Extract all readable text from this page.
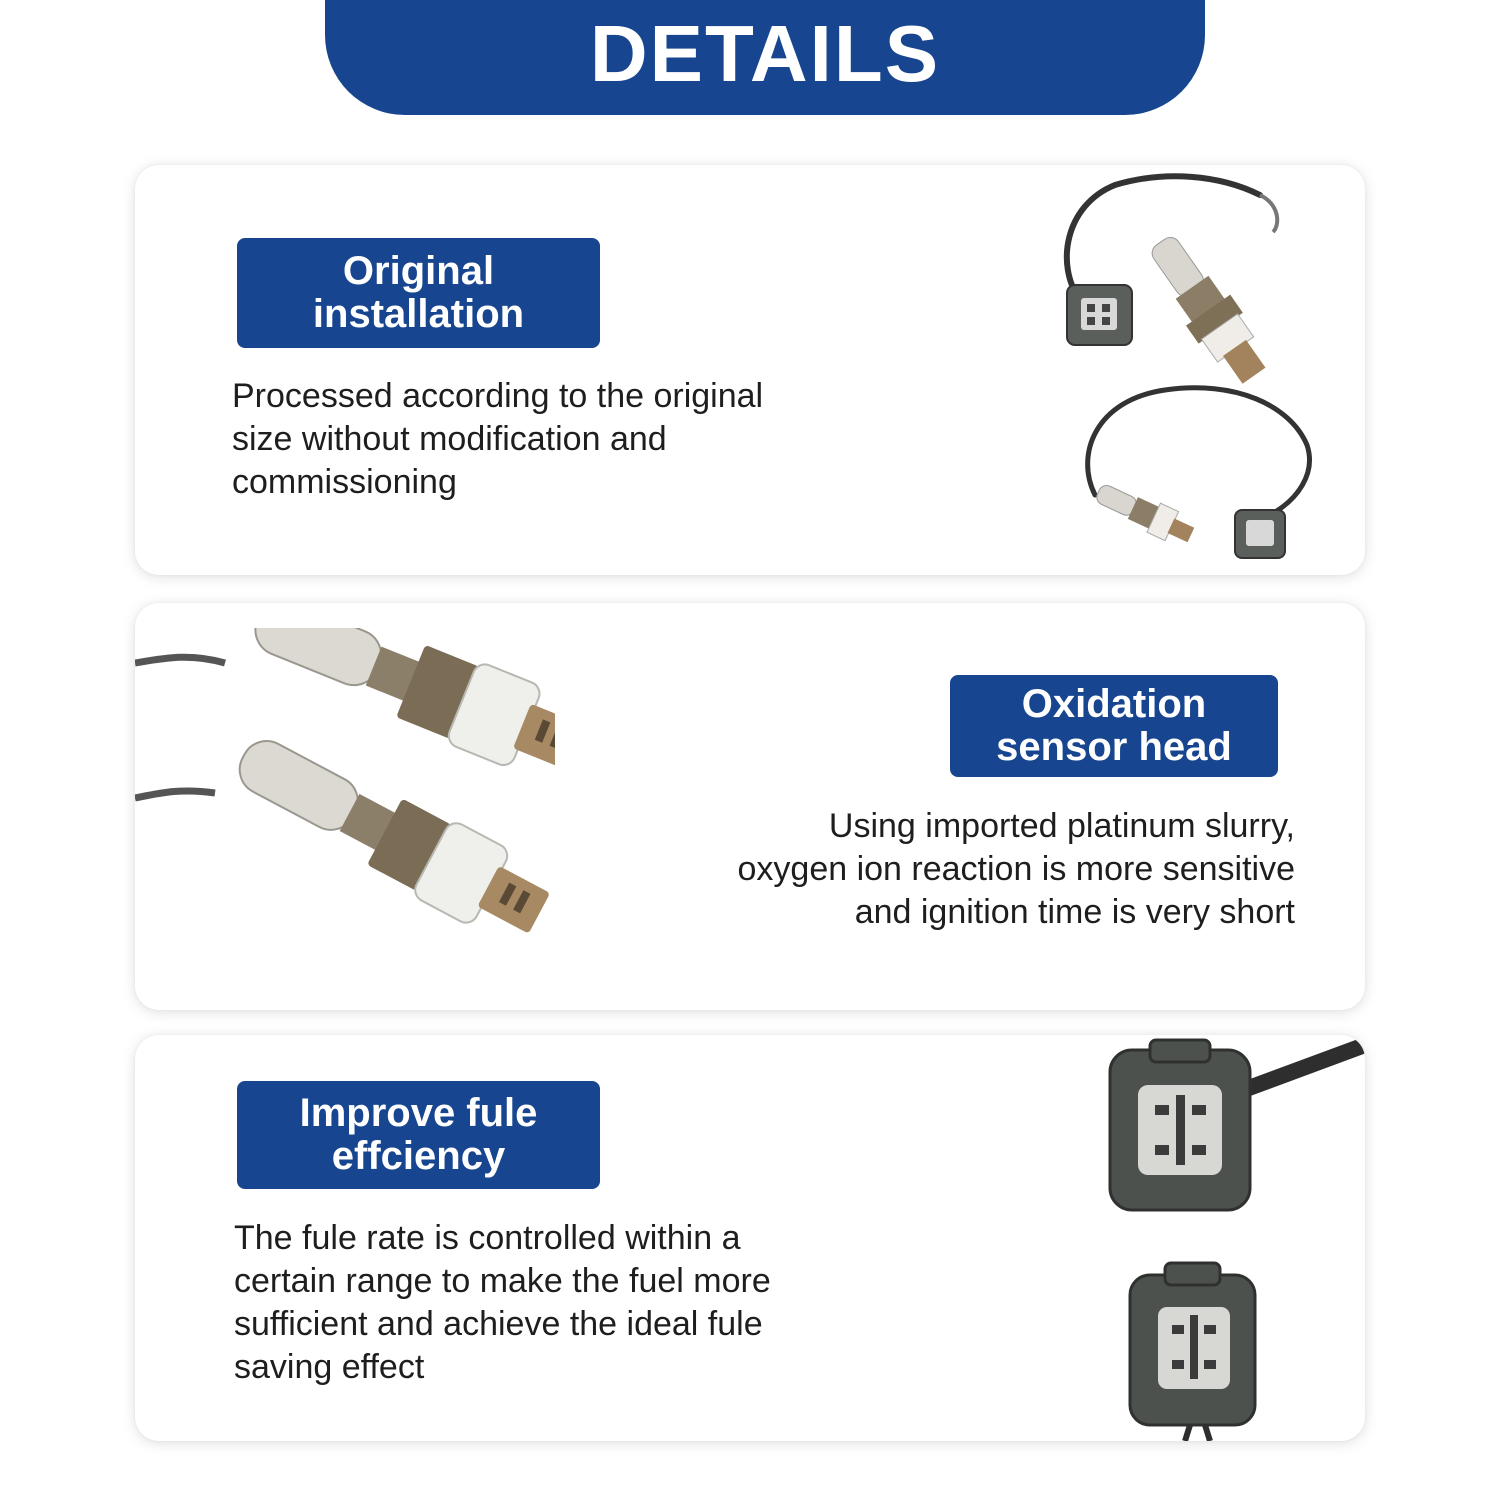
DETAILS
Original installation
Processed according to the original size without modification and commissioning
Oxidation sensor head
Using imported platinum slurry, oxygen ion reaction is more sensitive and ignition time is very short
Improve fule effciency
The fule rate is controlled within a certain range to make the fuel more sufficient and achieve the ideal fule saving effect
